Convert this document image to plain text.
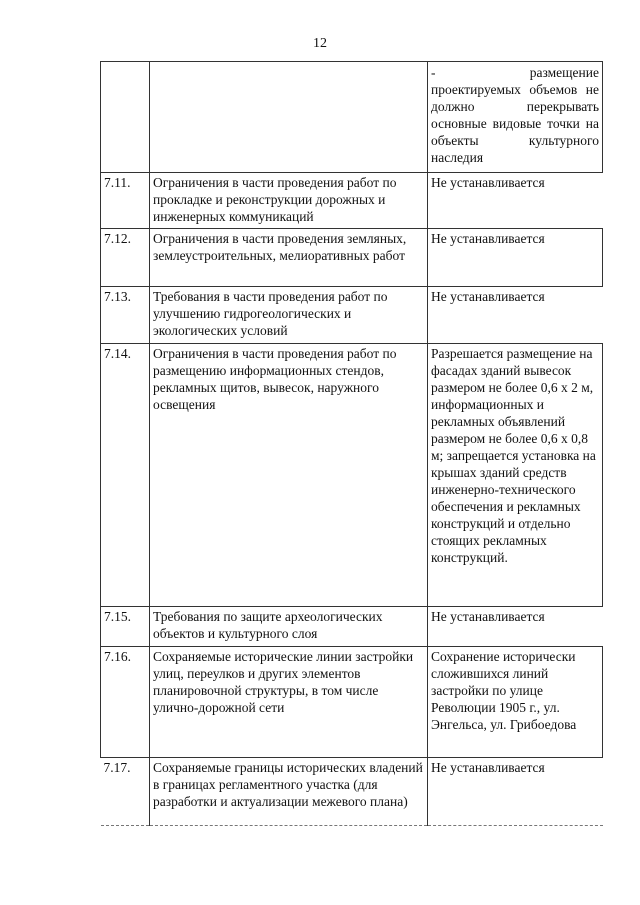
12
		- размещение проектируемых объемов не должно перекрывать основные видовые точки на объекты культурного наследия
7.11.	Ограничения в части проведения работ по прокладке и реконструкции дорожных и инженерных коммуникаций	Не устанавливается
7.12.	Ограничения в части проведения земляных, землеустроительных, мелиоративных работ	Не устанавливается
7.13.	Требования в части проведения работ по улучшению гидрогеологических и экологических условий	Не устанавливается
7.14.	Ограничения в части проведения работ по размещению информационных стендов, рекламных щитов, вывесок, наружного освещения	Разрешается размещение на фасадах зданий вывесок размером не более 0,6 х 2 м, информационных и рекламных объявлений размером не более 0,6 х 0,8 м; запрещается установка на крышах зданий средств инженерно-технического обеспечения и рекламных конструкций и отдельно стоящих рекламных конструкций.
7.15.	Требования по защите археологических объектов и культурного слоя	Не устанавливается
7.16.	Сохраняемые исторические линии застройки улиц, переулков и других элементов планировочной структуры, в том числе улично-дорожной сети	Сохранение исторически сложившихся линий застройки по улице Революции 1905 г., ул. Энгельса, ул. Грибоедова
7.17.	Сохраняемые границы исторических владений в границах регламентного участка (для разработки и актуализации межевого плана)	Не устанавливается
